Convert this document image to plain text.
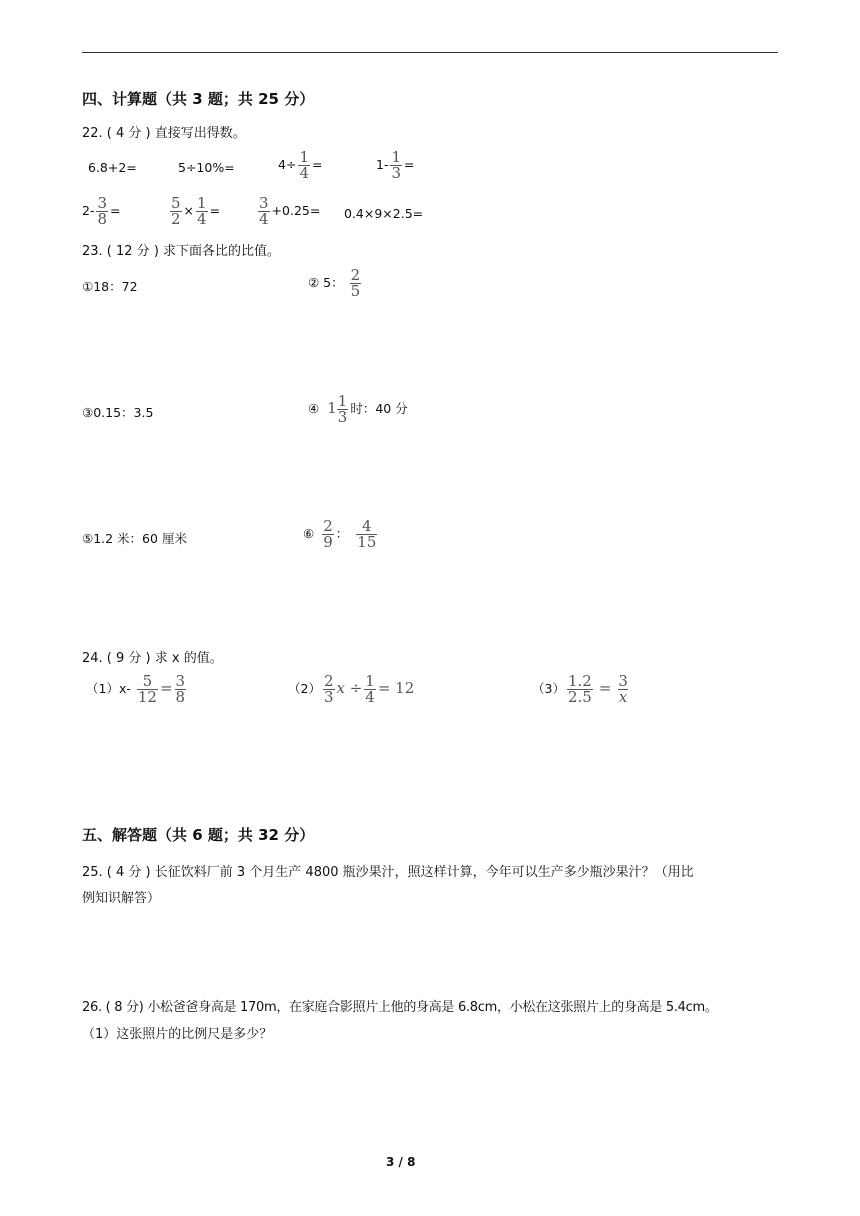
四、计算题（共 3 题；共 25 分）
22. ( 4 分 ) 直接写出得数。
6.8+2=	5÷10%=	$4\div \frac{1}{4}$ =	$1- \frac{1}{3}$ =
$2- \frac{3}{8}$ =	$\frac{5}{2} \times \frac{1}{4}$ =	$\frac{3}{4} +0.25= 0.4\times 9\times 2.5=$
23. ( 12 分 ) 求下面各比的比值。
①18：72	② 5： $\frac{2}{5}$
③0.15：3.5	④ $1 \frac{1}{3}$ 时：40 分
⑤1.2 米：60 厘米	⑥ $\frac{2}{9}$ ： $\frac{4}{15}$
24. ( 9 分 ) 求 x 的值。
$(1)x- \frac{5}{12} = \frac{3}{8}$	$(2) \frac{2}{3}$ $x \div \frac{1}{4} = 12$	$(3) \frac{1.2}{2.5} = \frac{3}{x}$
五、解答题（共 6 题；共 32 分）
25. ( 4 分 ) 长征饮料厂前 3 个月生产 4800 瓶沙果汁，照这样计算，今年可以生产多少瓶沙果汁？（用比
例知识解答）
26. ( 8 分) 小松爸爸身高是 170m，在家庭合影照片上他的身高是 6.8cm，小松在这张照片上的身高是 5.4cm。
（1）这张照片的比例尺是多少？
3 / 8
